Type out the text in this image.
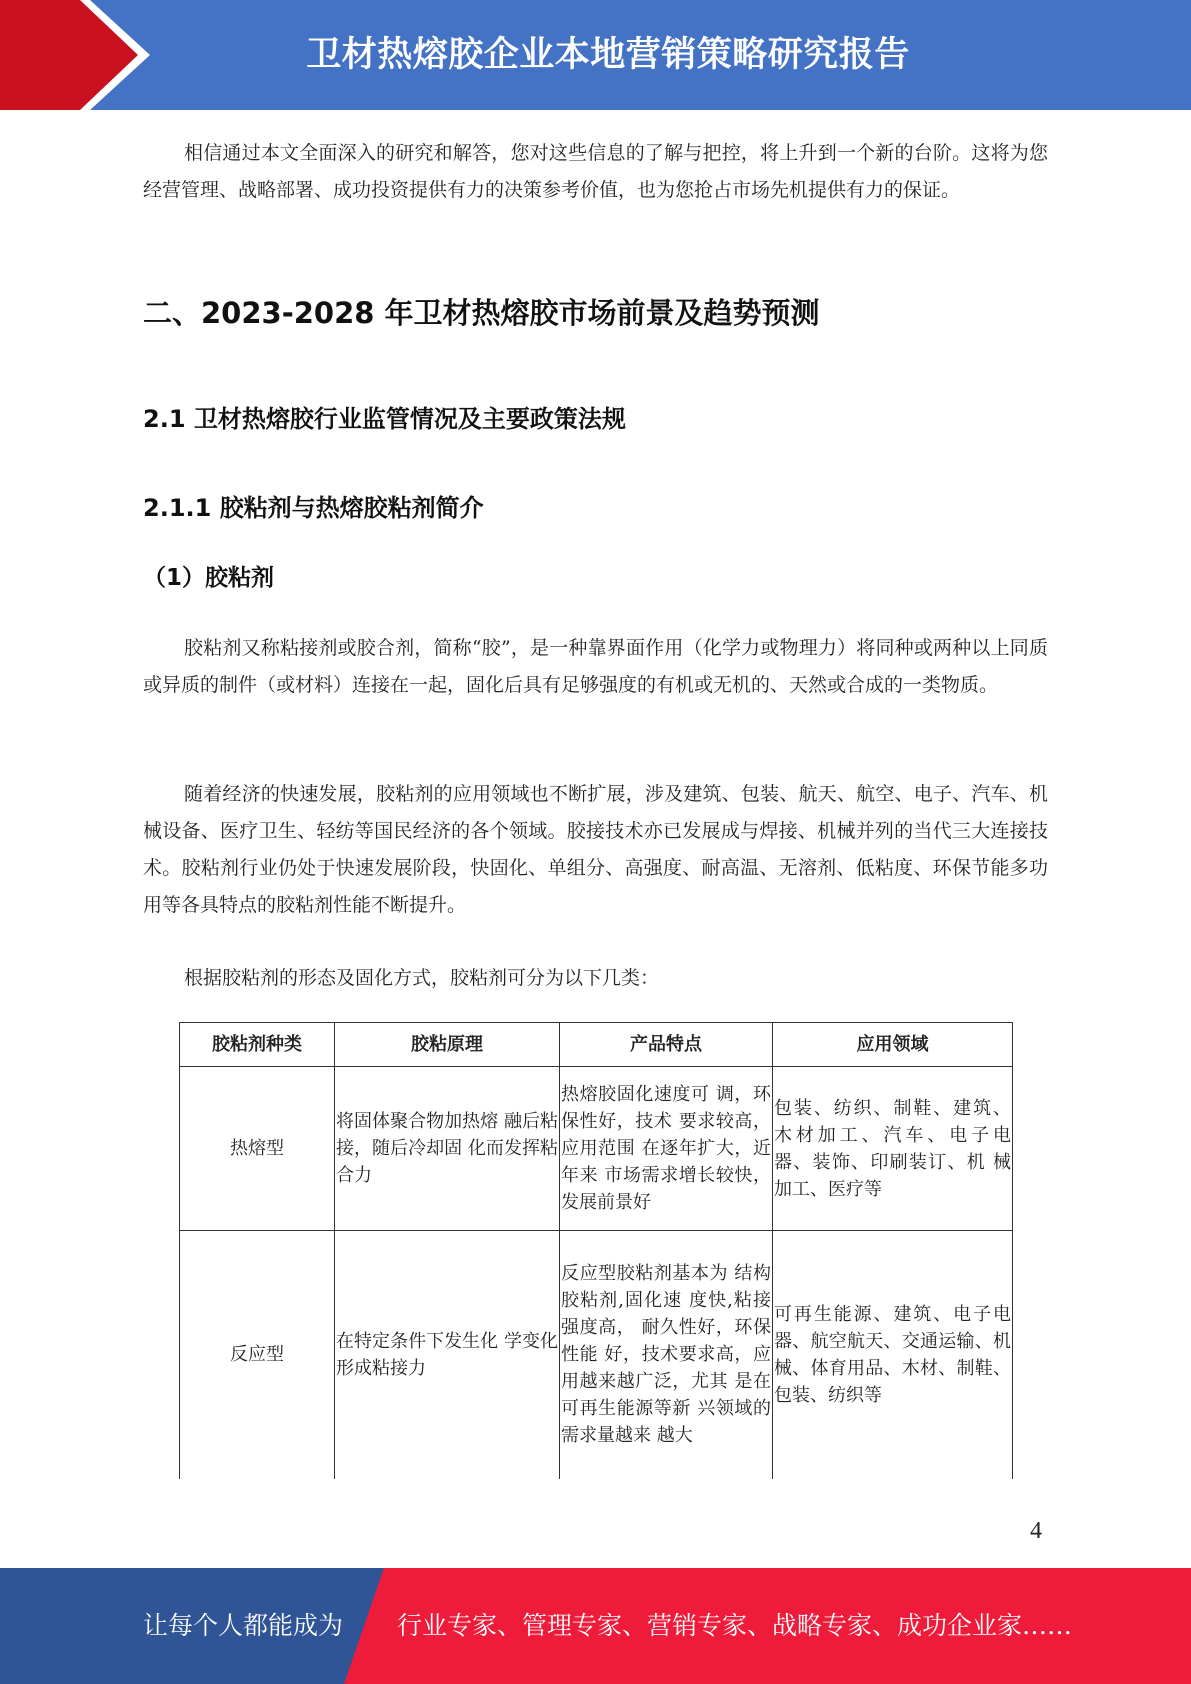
卫材热熔胶企业本地营销策略研究报告

相信通过本文全面深入的研究和解答，您对这些信息的了解与把控，将上升到一个新的台阶。这将为您经营管理、战略部署、成功投资提供有力的决策参考价值，也为您抢占市场先机提供有力的保证。

二、2023-2028 年卫材热熔胶市场前景及趋势预测
2.1 卫材热熔胶行业监管情况及主要政策法规
2.1.1 胶粘剂与热熔胶粘剂简介
（1）胶粘剂

胶粘剂又称粘接剂或胶合剂，简称“胶”，是一种靠界面作用（化学力或物理力）将同种或两种以上同质或异质的制件（或材料）连接在一起，固化后具有足够强度的有机或无机的、天然或合成的一类物质。

随着经济的快速发展，胶粘剂的应用领域也不断扩展，涉及建筑、包装、航天、航空、电子、汽车、机械设备、医疗卫生、轻纺等国民经济的各个领域。胶接技术亦已发展成与焊接、机械并列的当代三大连接技术。胶粘剂行业仍处于快速发展阶段，快固化、单组分、高强度、耐高温、无溶剂、低粘度、环保节能多功用等各具特点的胶粘剂性能不断提升。

根据胶粘剂的形态及固化方式，胶粘剂可分为以下几类：

胶粘剂种类	胶粘原理	产品特点	应用领域
热熔型	将固体聚合物加热熔 融后粘接，随后冷却固 化而发挥粘合力	热熔胶固化速度可 调，环保性好，技术 要求较高，应用范围 在逐年扩大，近年来 市场需求增长较快， 发展前景好	包装、纺织、制鞋、建筑、 木材加工、汽车、电子电 器、装饰、印刷装订、机 械加工、医疗等
反应型	在特定条件下发生化 学变化形成粘接力	反应型胶粘剂基本为 结构胶粘剂,固化速 度快,粘接强度高， 耐久性好，环保性能 好，技术要求高，应 用越来越广泛，尤其 是在可再生能源等新 兴领域的需求量越来 越大	可再生能源、建筑、电子电器、航空航天、交通运输、机械、体育用品、木材、制鞋、包装、纺织等
4
让每个人都能成为 行业专家、管理专家、营销专家、战略专家、成功企业家……
